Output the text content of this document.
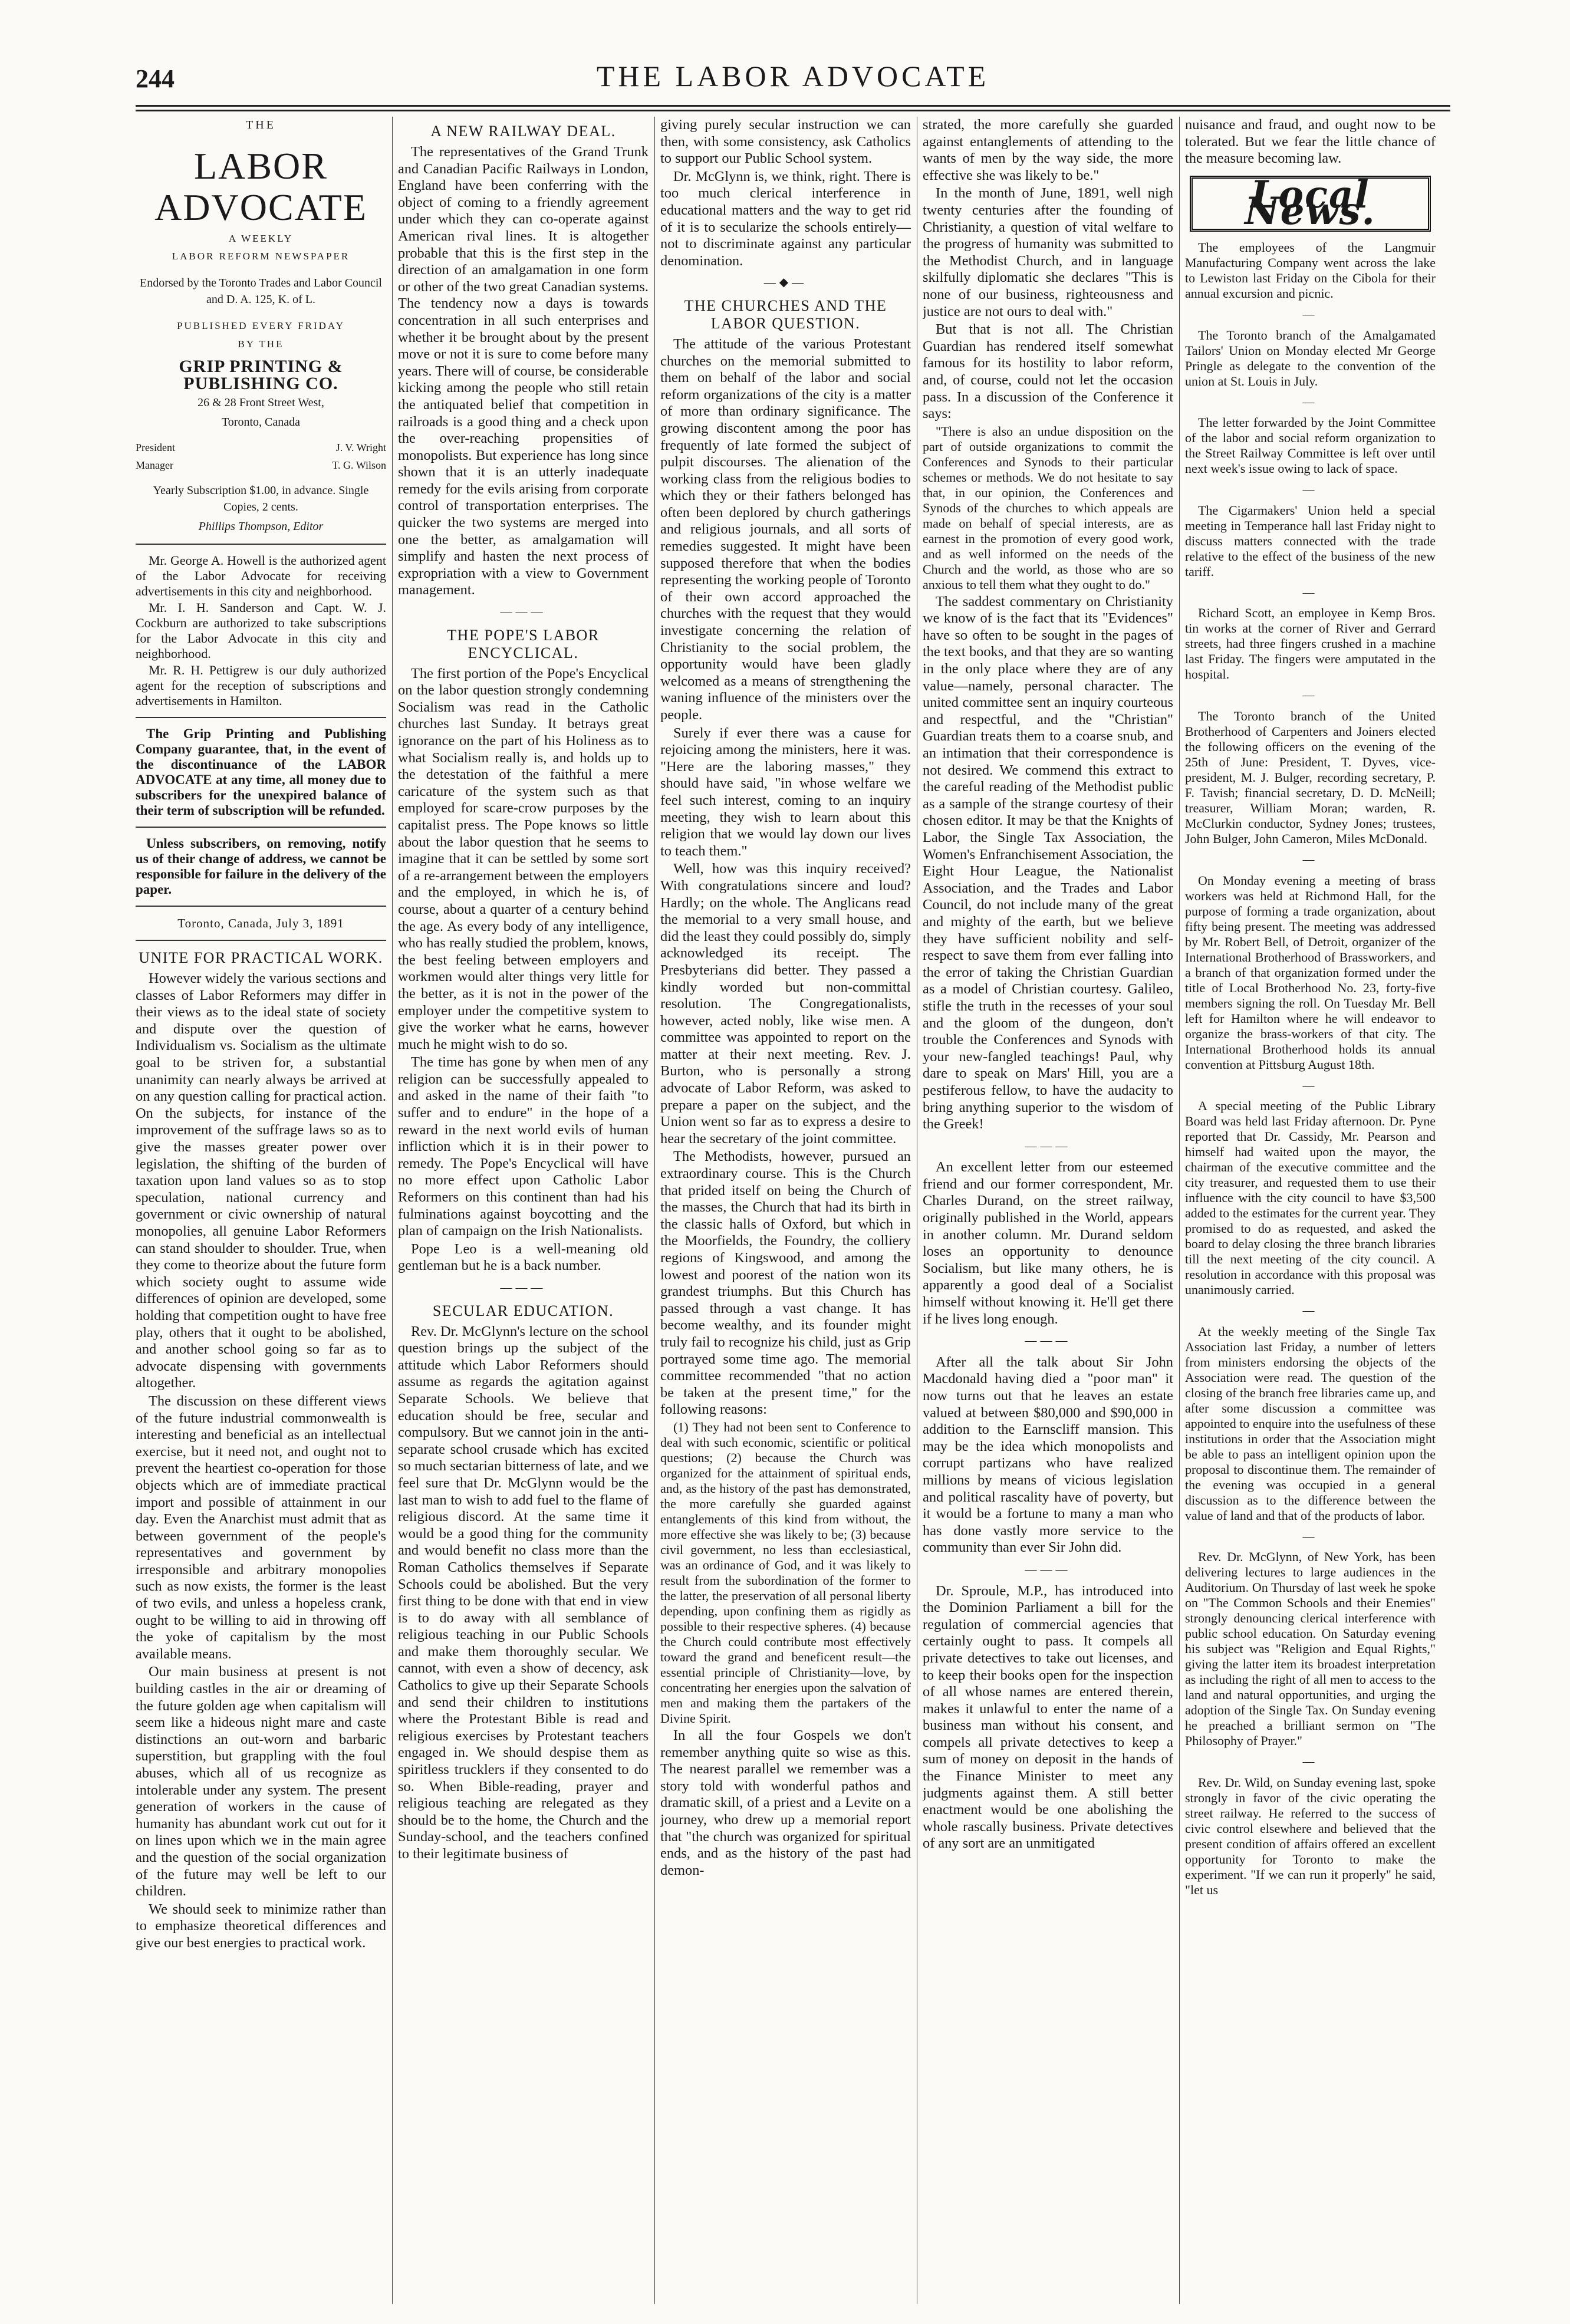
244	THE LABOR ADVOCATE
THE
LABOR ADVOCATE
A WEEKLY
LABOR REFORM NEWSPAPER
Endorsed by the Toronto Trades and Labor Council and D. A. 125, K. of L.
PUBLISHED EVERY FRIDAY
BY THE
GRIP PRINTING & PUBLISHING CO.
26 & 28 Front Street West,
Toronto, Canada
President	J. V. Wright
Manager	T. G. Wilson
Yearly Subscription $1.00, in advance. Single Copies, 2 cents.
Phillips Thompson, Editor

Mr. George A. Howell is the authorized agent of the Labor Advocate for receiving advertisements in this city and neighborhood.

Mr. I. H. Sanderson and Capt. W. J. Cockburn are authorized to take subscriptions for the Labor Advocate in this city and neighborhood.

Mr. R. H. Pettigrew is our duly authorized agent for the reception of subscriptions and advertisements in Hamilton.

The Grip Printing and Publishing Company guarantee, that, in the event of the discontinuance of the LABOR ADVOCATE at any time, all money due to subscribers for the unexpired balance of their term of subscription will be refunded.

Unless subscribers, on removing, notify us of their change of address, we cannot be responsible for failure in the delivery of the paper.

Toronto, Canada, July 3, 1891

UNITE FOR PRACTICAL WORK.

However widely the various sections and classes of Labor Reformers may differ in their views as to the ideal state of society and dispute over the question of Individualism vs. Socialism as the ultimate goal to be striven for, a substantial unanimity can nearly always be arrived at on any question calling for practical action. On the subjects, for instance of the improvement of the suffrage laws so as to give the masses greater power over legislation, the shifting of the burden of taxation upon land values so as to stop speculation, national currency and government or civic ownership of natural monopolies, all genuine Labor Reformers can stand shoulder to shoulder. True, when they come to theorize about the future form which society ought to assume wide differences of opinion are developed, some holding that competition ought to have free play, others that it ought to be abolished, and another school going so far as to advocate dispensing with governments altogether.

The discussion on these different views of the future industrial commonwealth is interesting and beneficial as an intellectual exercise, but it need not, and ought not to prevent the heartiest co-operation for those objects which are of immediate practical import and possible of attainment in our day. Even the Anarchist must admit that as between government of the people's representatives and government by irresponsible and arbitrary monopolies such as now exists, the former is the least of two evils, and unless a hopeless crank, ought to be willing to aid in throwing off the yoke of capitalism by the most available means.

Our main business at present is not building castles in the air or dreaming of the future golden age when capitalism will seem like a hideous night mare and caste distinctions an out-worn and barbaric superstition, but grappling with the foul abuses, which all of us recognize as intolerable under any system. The present generation of workers in the cause of humanity has abundant work cut out for it on lines upon which we in the main agree and the question of the social organization of the future may well be left to our children.

We should seek to minimize rather than to emphasize theoretical differences and give our best energies to practical work.

A NEW RAILWAY DEAL.

The representatives of the Grand Trunk and Canadian Pacific Railways in London, England have been conferring with the object of coming to a friendly agreement under which they can co-operate against American rival lines. It is altogether probable that this is the first step in the direction of an amalgamation in one form or other of the two great Canadian systems. The tendency now a days is towards concentration in all such enterprises and whether it be brought about by the present move or not it is sure to come before many years. There will of course, be considerable kicking among the people who still retain the antiquated belief that competition in railroads is a good thing and a check upon the over-reaching propensities of monopolists. But experience has long since shown that it is an utterly inadequate remedy for the evils arising from corporate control of transportation enterprises. The quicker the two systems are merged into one the better, as amalgamation will simplify and hasten the next process of expropriation with a view to Government management.

———
THE POPE'S LABOR ENCYCLICAL.

The first portion of the Pope's Encyclical on the labor question strongly condemning Socialism was read in the Catholic churches last Sunday. It betrays great ignorance on the part of his Holiness as to what Socialism really is, and holds up to the detestation of the faithful a mere caricature of the system such as that employed for scare-crow purposes by the capitalist press. The Pope knows so little about the labor question that he seems to imagine that it can be settled by some sort of a re-arrangement between the employers and the employed, in which he is, of course, about a quarter of a century behind the age. As every body of any intelligence, who has really studied the problem, knows, the best feeling between employers and workmen would alter things very little for the better, as it is not in the power of the employer under the competitive system to give the worker what he earns, however much he might wish to do so.

The time has gone by when men of any religion can be successfully appealed to and asked in the name of their faith "to suffer and to endure" in the hope of a reward in the next world evils of human infliction which it is in their power to remedy. The Pope's Encyclical will have no more effect upon Catholic Labor Reformers on this continent than had his fulminations against boycotting and the plan of campaign on the Irish Nationalists.

Pope Leo is a well-meaning old gentleman but he is a back number.

———
SECULAR EDUCATION.

Rev. Dr. McGlynn's lecture on the school question brings up the subject of the attitude which Labor Reformers should assume as regards the agitation against Separate Schools. We believe that education should be free, secular and compulsory. But we cannot join in the anti-separate school crusade which has excited so much sectarian bitterness of late, and we feel sure that Dr. McGlynn would be the last man to wish to add fuel to the flame of religious discord. At the same time it would be a good thing for the community and would benefit no class more than the Roman Catholics themselves if Separate Schools could be abolished. But the very first thing to be done with that end in view is to do away with all semblance of religious teaching in our Public Schools and make them thoroughly secular. We cannot, with even a show of decency, ask Catholics to give up their Separate Schools and send their children to institutions where the Protestant Bible is read and religious exercises by Protestant teachers engaged in. We should despise them as spiritless trucklers if they consented to do so. When Bible-reading, prayer and religious teaching are relegated as they should be to the home, the Church and the Sunday-school, and the teachers confined to their legitimate business of

giving purely secular instruction we can then, with some consistency, ask Catholics to support our Public School system.

Dr. McGlynn is, we think, right. There is too much clerical interference in educational matters and the way to get rid of it is to secularize the schools entirely—not to discriminate against any particular denomination.

—◆—
THE CHURCHES AND THE LABOR QUESTION.

The attitude of the various Protestant churches on the memorial submitted to them on behalf of the labor and social reform organizations of the city is a matter of more than ordinary significance. The growing discontent among the poor has frequently of late formed the subject of pulpit discourses. The alienation of the working class from the religious bodies to which they or their fathers belonged has often been deplored by church gatherings and religious journals, and all sorts of remedies suggested. It might have been supposed therefore that when the bodies representing the working people of Toronto of their own accord approached the churches with the request that they would investigate concerning the relation of Christianity to the social problem, the opportunity would have been gladly welcomed as a means of strengthening the waning influence of the ministers over the people.

Surely if ever there was a cause for rejoicing among the ministers, here it was. "Here are the laboring masses," they should have said, "in whose welfare we feel such interest, coming to an inquiry meeting, they wish to learn about this religion that we would lay down our lives to teach them."

Well, how was this inquiry received? With congratulations sincere and loud? Hardly; on the whole. The Anglicans read the memorial to a very small house, and did the least they could possibly do, simply acknowledged its receipt. The Presbyterians did better. They passed a kindly worded but non-committal resolution. The Congregationalists, however, acted nobly, like wise men. A committee was appointed to report on the matter at their next meeting. Rev. J. Burton, who is personally a strong advocate of Labor Reform, was asked to prepare a paper on the subject, and the Union went so far as to express a desire to hear the secretary of the joint committee.

The Methodists, however, pursued an extraordinary course. This is the Church that prided itself on being the Church of the masses, the Church that had its birth in the classic halls of Oxford, but which in the Moorfields, the Foundry, the colliery regions of Kingswood, and among the lowest and poorest of the nation won its grandest triumphs. But this Church has passed through a vast change. It has become wealthy, and its founder might truly fail to recognize his child, just as Grip portrayed some time ago. The memorial committee recommended "that no action be taken at the present time," for the following reasons:

(1) They had not been sent to Conference to deal with such economic, scientific or political questions; (2) because the Church was organized for the attainment of spiritual ends, and, as the history of the past has demonstrated, the more carefully she guarded against entanglements of this kind from without, the more effective she was likely to be; (3) because civil government, no less than ecclesiastical, was an ordinance of God, and it was likely to result from the subordination of the former to the latter, the preservation of all personal liberty depending, upon confining them as rigidly as possible to their respective spheres. (4) because the Church could contribute most effectively toward the grand and beneficent result—the essential principle of Christianity—love, by concentrating her energies upon the salvation of men and making them the partakers of the Divine Spirit.

In all the four Gospels we don't remember anything quite so wise as this. The nearest parallel we remember was a story told with wonderful pathos and dramatic skill, of a priest and a Levite on a journey, who drew up a memorial report that "the church was organized for spiritual ends, and as the history of the past had demon-

strated, the more carefully she guarded against entanglements of attending to the wants of men by the way side, the more effective she was likely to be."

In the month of June, 1891, well nigh twenty centuries after the founding of Christianity, a question of vital welfare to the progress of humanity was submitted to the Methodist Church, and in language skilfully diplomatic she declares "This is none of our business, righteousness and justice are not ours to deal with."

But that is not all. The Christian Guardian has rendered itself somewhat famous for its hostility to labor reform, and, of course, could not let the occasion pass. In a discussion of the Conference it says:

"There is also an undue disposition on the part of outside organizations to commit the Conferences and Synods to their particular schemes or methods. We do not hesitate to say that, in our opinion, the Conferences and Synods of the churches to which appeals are made on behalf of special interests, are as earnest in the promotion of every good work, and as well informed on the needs of the Church and the world, as those who are so anxious to tell them what they ought to do."

The saddest commentary on Christianity we know of is the fact that its "Evidences" have so often to be sought in the pages of the text books, and that they are so wanting in the only place where they are of any value—namely, personal character. The united committee sent an inquiry courteous and respectful, and the "Christian" Guardian treats them to a coarse snub, and an intimation that their correspondence is not desired. We commend this extract to the careful reading of the Methodist public as a sample of the strange courtesy of their chosen editor. It may be that the Knights of Labor, the Single Tax Association, the Women's Enfranchisement Association, the Eight Hour League, the Nationalist Association, and the Trades and Labor Council, do not include many of the great and mighty of the earth, but we believe they have sufficient nobility and self-respect to save them from ever falling into the error of taking the Christian Guardian as a model of Christian courtesy. Galileo, stifle the truth in the recesses of your soul and the gloom of the dungeon, don't trouble the Conferences and Synods with your new-fangled teachings! Paul, why dare to speak on Mars' Hill, you are a pestiferous fellow, to have the audacity to bring anything superior to the wisdom of the Greek!

———

An excellent letter from our esteemed friend and our former correspondent, Mr. Charles Durand, on the street railway, originally published in the World, appears in another column. Mr. Durand seldom loses an opportunity to denounce Socialism, but like many others, he is apparently a good deal of a Socialist himself without knowing it. He'll get there if he lives long enough.

———

After all the talk about Sir John Macdonald having died a "poor man" it now turns out that he leaves an estate valued at between $80,000 and $90,000 in addition to the Earnscliff mansion. This may be the idea which monopolists and corrupt partizans who have realized millions by means of vicious legislation and political rascality have of poverty, but it would be a fortune to many a man who has done vastly more service to the community than ever Sir John did.

———

Dr. Sproule, M.P., has introduced into the Dominion Parliament a bill for the regulation of commercial agencies that certainly ought to pass. It compels all private detectives to take out licenses, and to keep their books open for the inspection of all whose names are entered therein, makes it unlawful to enter the name of a business man without his consent, and compels all private detectives to keep a sum of money on deposit in the hands of the Finance Minister to meet any judgments against them. A still better enactment would be one abolishing the whole rascally business. Private detectives of any sort are an unmitigated

nuisance and fraud, and ought now to be tolerated. But we fear the little chance of the measure becoming law.

Local News.

The employees of the Langmuir Manufacturing Company went across the lake to Lewiston last Friday on the Cibola for their annual excursion and picnic.

—

The Toronto branch of the Amalgamated Tailors' Union on Monday elected Mr George Pringle as delegate to the convention of the union at St. Louis in July.

—

The letter forwarded by the Joint Committee of the labor and social reform organization to the Street Railway Committee is left over until next week's issue owing to lack of space.

—

The Cigarmakers' Union held a special meeting in Temperance hall last Friday night to discuss matters connected with the trade relative to the effect of the business of the new tariff.

—

Richard Scott, an employee in Kemp Bros. tin works at the corner of River and Gerrard streets, had three fingers crushed in a machine last Friday. The fingers were amputated in the hospital.

—

The Toronto branch of the United Brotherhood of Carpenters and Joiners elected the following officers on the evening of the 25th of June: President, T. Dyves, vice-president, M. J. Bulger, recording secretary, P. F. Tavish; financial secretary, D. D. McNeill; treasurer, William Moran; warden, R. McClurkin conductor, Sydney Jones; trustees, John Bulger, John Cameron, Miles McDonald.

—

On Monday evening a meeting of brass workers was held at Richmond Hall, for the purpose of forming a trade organization, about fifty being present. The meeting was addressed by Mr. Robert Bell, of Detroit, organizer of the International Brotherhood of Brassworkers, and a branch of that organization formed under the title of Local Brotherhood No. 23, forty-five members signing the roll. On Tuesday Mr. Bell left for Hamilton where he will endeavor to organize the brass-workers of that city. The International Brotherhood holds its annual convention at Pittsburg August 18th.

—

A special meeting of the Public Library Board was held last Friday afternoon. Dr. Pyne reported that Dr. Cassidy, Mr. Pearson and himself had waited upon the mayor, the chairman of the executive committee and the city treasurer, and requested them to use their influence with the city council to have $3,500 added to the estimates for the current year. They promised to do as requested, and asked the board to delay closing the three branch libraries till the next meeting of the city council. A resolution in accordance with this proposal was unanimously carried.

—

At the weekly meeting of the Single Tax Association last Friday, a number of letters from ministers endorsing the objects of the Association were read. The question of the closing of the branch free libraries came up, and after some discussion a committee was appointed to enquire into the usefulness of these institutions in order that the Association might be able to pass an intelligent opinion upon the proposal to discontinue them. The remainder of the evening was occupied in a general discussion as to the difference between the value of land and that of the products of labor.

—

Rev. Dr. McGlynn, of New York, has been delivering lectures to large audiences in the Auditorium. On Thursday of last week he spoke on "The Common Schools and their Enemies" strongly denouncing clerical interference with public school education. On Saturday evening his subject was "Religion and Equal Rights," giving the latter item its broadest interpretation as including the right of all men to access to the land and natural opportunities, and urging the adoption of the Single Tax. On Sunday evening he preached a brilliant sermon on "The Philosophy of Prayer."

—

Rev. Dr. Wild, on Sunday evening last, spoke strongly in favor of the civic operating the street railway. He referred to the success of civic control elsewhere and believed that the present condition of affairs offered an excellent opportunity for Toronto to make the experiment. "If we can run it properly" he said, "let us
